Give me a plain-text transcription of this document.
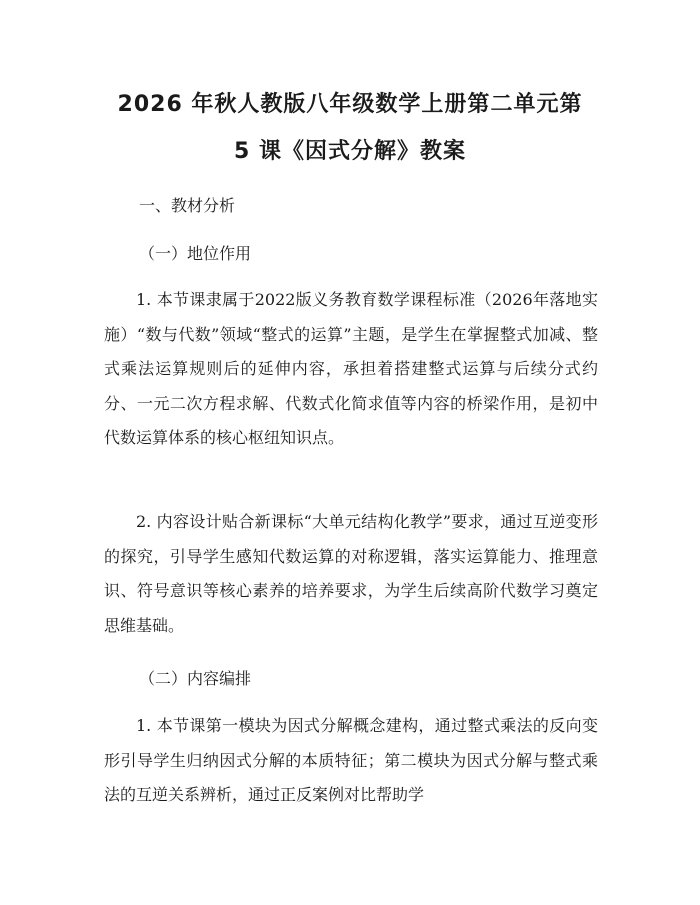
2026 年秋人教版八年级数学上册第二单元第
5 课《因式分解》教案
一、教材分析
（一）地位作用
1. 本节课隶属于2022版义务教育数学课程标准（2026年落地实施）“数与代数”领域“整式的运算”主题，是学生在掌握整式加减、整式乘法运算规则后的延伸内容，承担着搭建整式运算与后续分式约分、一元二次方程求解、代数式化简求值等内容的桥梁作用，是初中代数运算体系的核心枢纽知识点。
2. 内容设计贴合新课标“大单元结构化教学”要求，通过互逆变形的探究，引导学生感知代数运算的对称逻辑，落实运算能力、推理意识、符号意识等核心素养的培养要求，为学生后续高阶代数学习奠定思维基础。
（二）内容编排
1. 本节课第一模块为因式分解概念建构，通过整式乘法的反向变形引导学生归纳因式分解的本质特征；第二模块为因式分解与整式乘法的互逆关系辨析，通过正反案例对比帮助学
